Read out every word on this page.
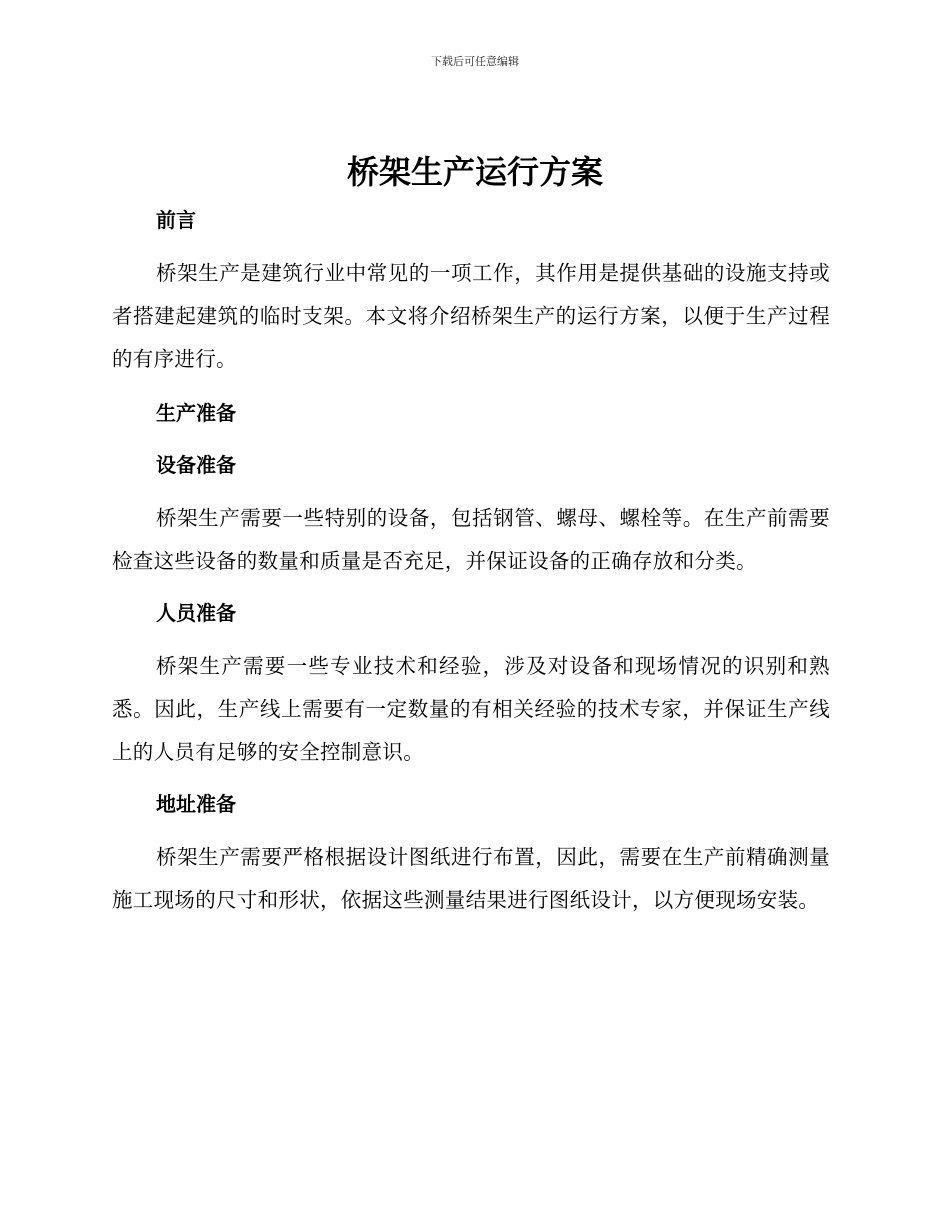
下载后可任意编辑
桥架生产运行方案
前言

桥架生产是建筑行业中常见的一项工作，其作用是提供基础的设施支持或者搭建起建筑的临时支架。本文将介绍桥架生产的运行方案，以便于生产过程的有序进行。

生产准备
设备准备

桥架生产需要一些特别的设备，包括钢管、螺母、螺栓等。在生产前需要检查这些设备的数量和质量是否充足，并保证设备的正确存放和分类。

人员准备

桥架生产需要一些专业技术和经验，涉及对设备和现场情况的识别和熟悉。因此，生产线上需要有一定数量的有相关经验的技术专家，并保证生产线上的人员有足够的安全控制意识。

地址准备

桥架生产需要严格根据设计图纸进行布置，因此，需要在生产前精确测量施工现场的尺寸和形状，依据这些测量结果进行图纸设计，以方便现场安装。
